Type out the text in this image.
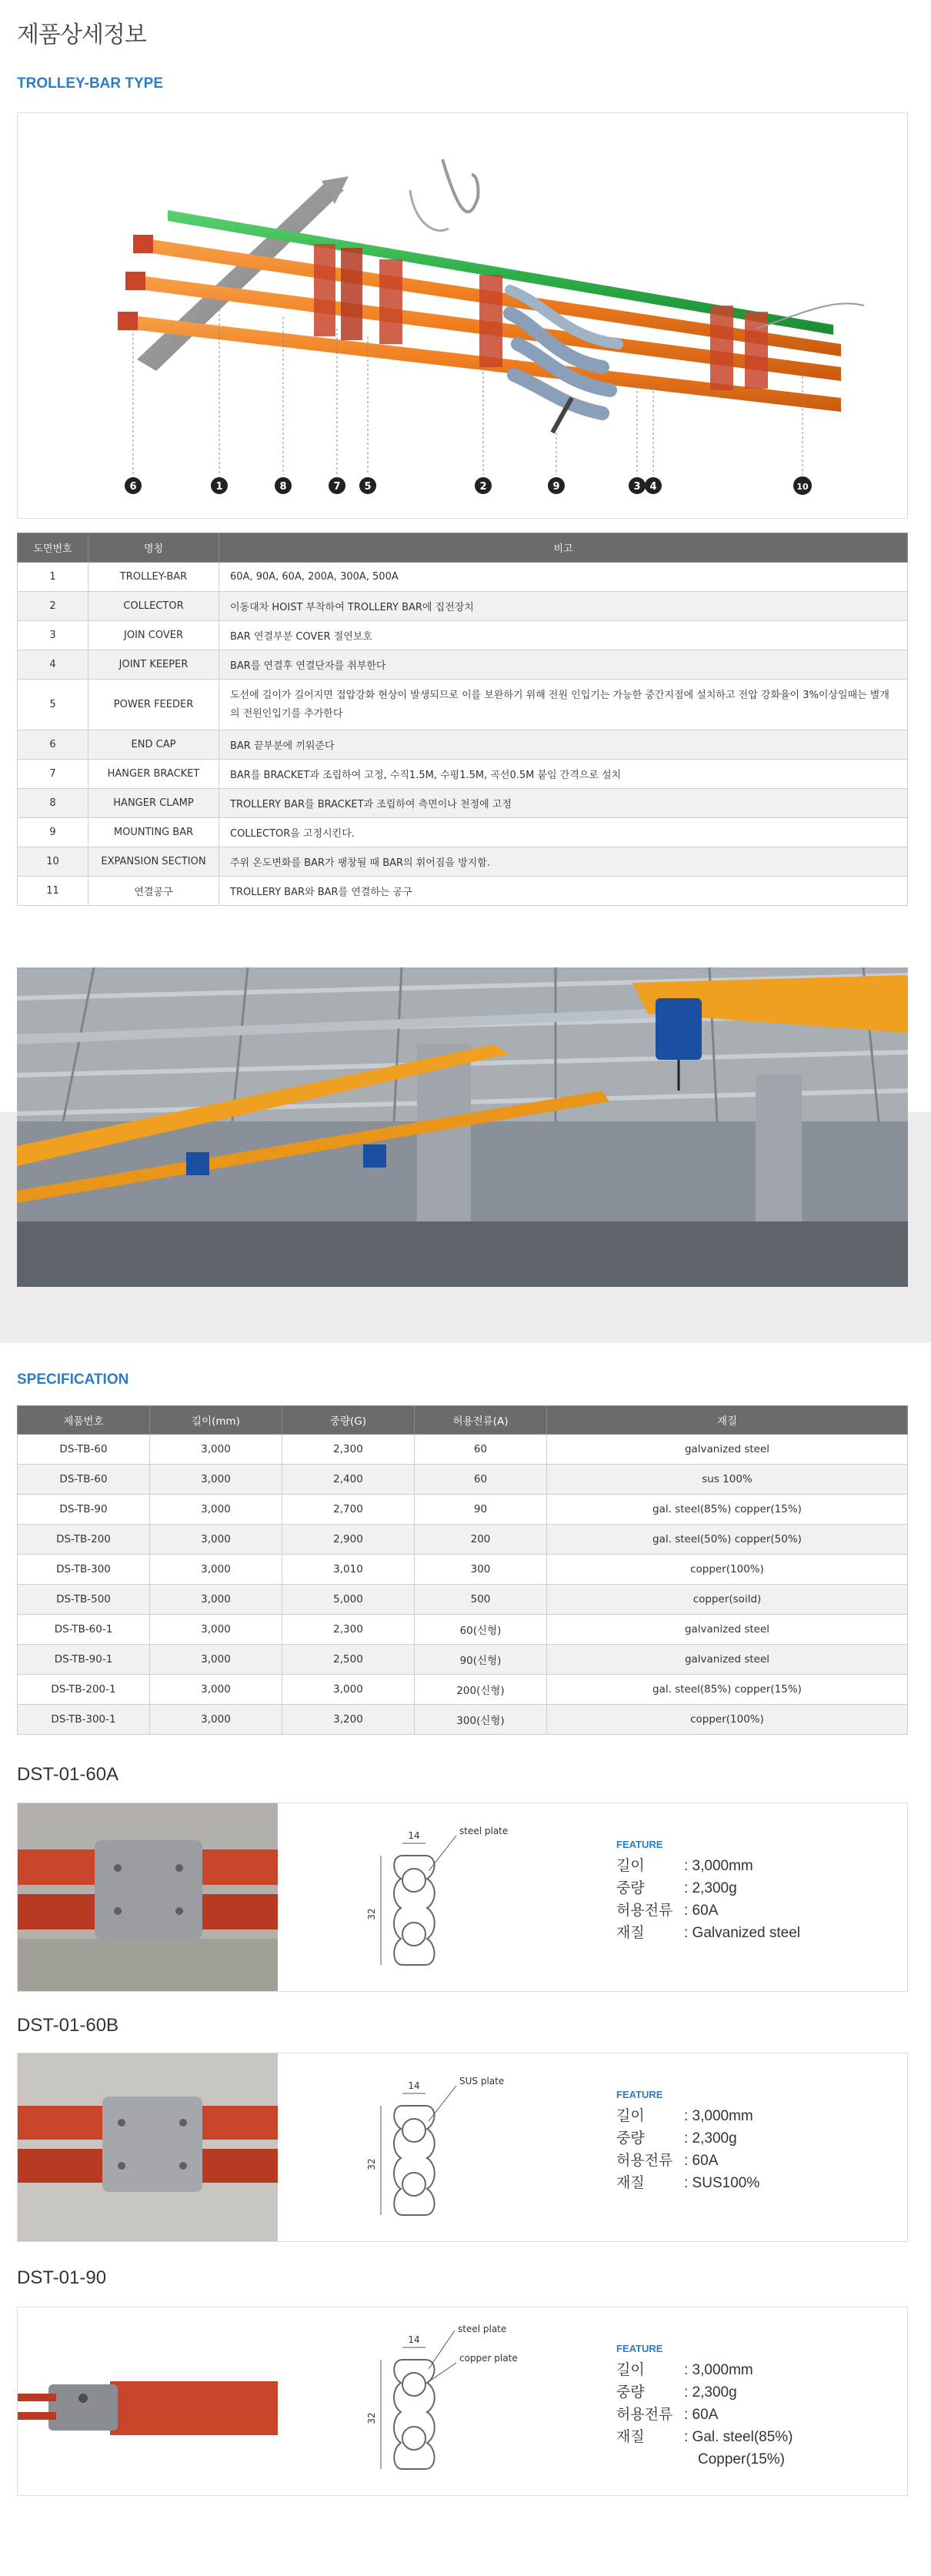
제품상세정보
TROLLEY-BAR TYPE
6	1	8	7 5	2	9	3 4	10
도면번호	명칭	비고
1	TROLLEY-BAR	60A, 90A, 60A, 200A, 300A, 500A
2	COLLECTOR	이동대차 HOIST 부착하여 TROLLERY BAR에 집전장치
3	JOIN COVER	BAR 연결부분 COVER 절연보호
4	JOINT KEEPER	BAR를 연결후 연결단자를 취부한다
5	POWER FEEDER	도선에 길이가 길어지면 접압강화 현상이 발생되므로 이를 보완하기 위해 전원 인입기는 가능한 중간지점에 설치하고 전압 강화율이 3%이상일때는 별개의 전원인입기를 추가한다
6	END CAP	BAR 끝부분에 끼워준다
7	HANGER BRACKET	BAR를 BRACKET과 조립하여 고정, 수직1.5M, 수평1.5M, 곡선0.5M 붙임 간격으로 설치
8	HANGER CLAMP	TROLLERY BAR를 BRACKET과 조립하여 측면이나 천정에 고정
9	MOUNTING BAR	COLLECTOR을 고정시킨다.
10	EXPANSION SECTION	주위 온도변화를 BAR가 팽창될 때 BAR의 휘어짐을 방지함.
11	연결공구	TROLLERY BAR와 BAR를 연결하는 공구
SPECIFICATION
제품번호	길이(mm)	중량(G)	허용전류(A)	재질
DS-TB-60	3,000	2,300	60	galvanized steel
DS-TB-60	3,000	2,400	60	sus 100%
DS-TB-90	3,000	2,700	90	gal. steel(85%) copper(15%)
DS-TB-200	3,000	2,900	200	gal. steel(50%) copper(50%)
DS-TB-300	3,000	3,010	300	copper(100%)
DS-TB-500	3,000	5,000	500	copper(soild)
DS-TB-60-1	3,000	2,300	60(신형)	galvanized steel
DS-TB-90-1	3,000	2,500	90(신형)	galvanized steel
DS-TB-200-1	3,000	3,000	200(신형)	gal. steel(85%) copper(15%)
DS-TB-300-1	3,000	3,200	300(신형)	copper(100%)
DST-01-60A
14
32
steel plate
FEATURE
길이	: 3,000mm
중량	: 2,300g
허용전류 : 60A
재질	: Galvanized steel
DST-01-60B
14
32
SUS plate
FEATURE
길이	: 3,000mm
중량	: 2,300g
허용전류 : 60A
재질	: SUS100%
DST-01-90
14
32
steel plate
copper plate
FEATURE
길이	: 3,000mm
중량	: 2,300g
허용전류 : 60A
재질	: Gal. steel(85%)
Copper(15%)
